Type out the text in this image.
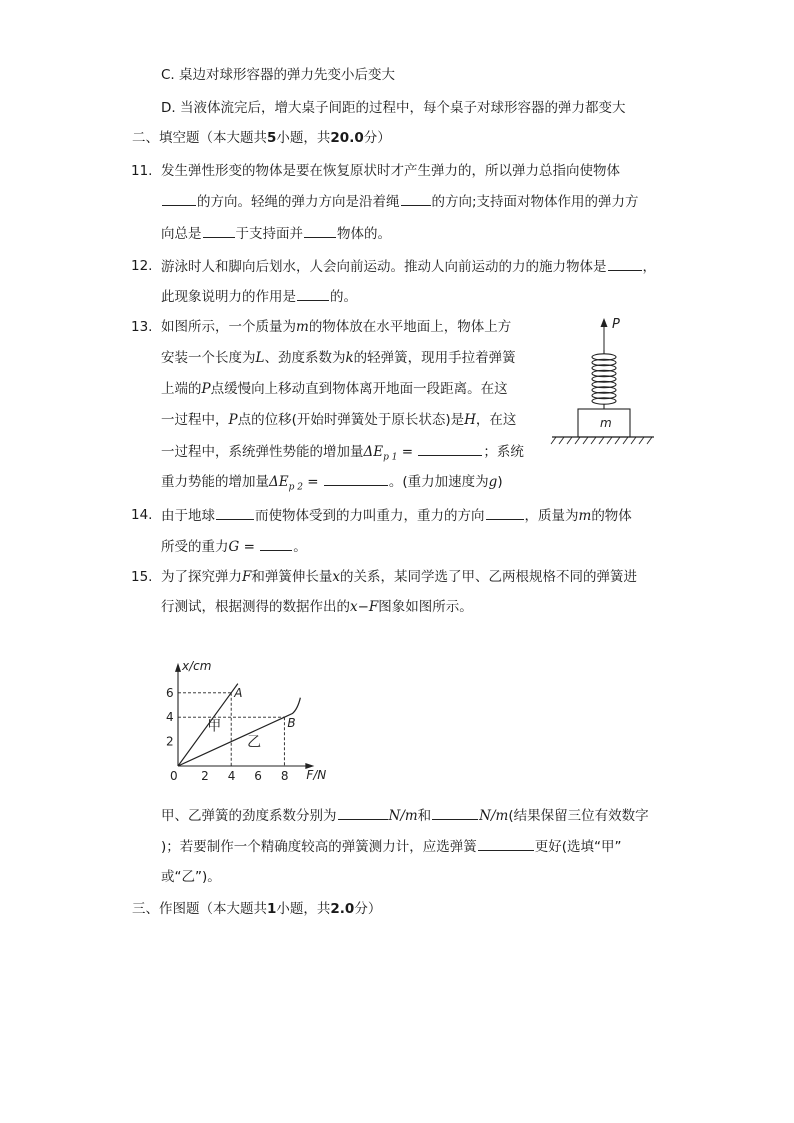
C. 桌边对球形容器的弹力先变小后变大
D. 当液体流完后，增大桌子间距的过程中，每个桌子对球形容器的弹力都变大
二、填空题（本大题共5小题，共20.0分）
11. 发生弹性形变的物体是要在恢复原状时才产生弹力的，所以弹力总指向使物体
的方向。轻绳的弹力方向是沿着绳 的方向;支持面对物体作用的弹力方
向总是	于支持面并	物体的。
12. 游泳时人和脚向后划水，人会向前运动。推动人向前运动的力的施力物体是	，
此现象说明力的作用是	的。
13. 如图所示，一个质量为m的物体放在水平地面上，物体上方
安装一个长度为L、劲度系数为k的轻弹簧，现用手拉着弹簧
上端的P点缓慢向上移动直到物体离开地面一段距离。在这
一过程中，P点的位移(开始时弹簧处于原长状态)是H，在这
一过程中，系统弹性势能的增加量$\Delta E_{p 1}$ =	；系统
重力势能的增加量$\Delta E_{p 2}$ =	。(重力加速度为g)
P
m
14. 由于地球	而使物体受到的力叫重力，重力的方向	，质量为m的物体
所受的重力G =	。
15. 为了探究弹力F和弹簧伸长量x的关系，某同学选了甲、乙两根规格不同的弹簧进
行测试，根据测得的数据作出的x−F图象如图所示。
x/cm
F/N
0 2 4 6 8
2
4
6	A
B
甲
乙
甲、乙弹簧的劲度系数分别为	N/m和	N/m(结果保留三位有效数字
)；若要制作一个精确度较高的弹簧测力计，应选弹簧	更好(选填“甲”
或“乙”)。
三、作图题（本大题共1小题，共2.0分）
